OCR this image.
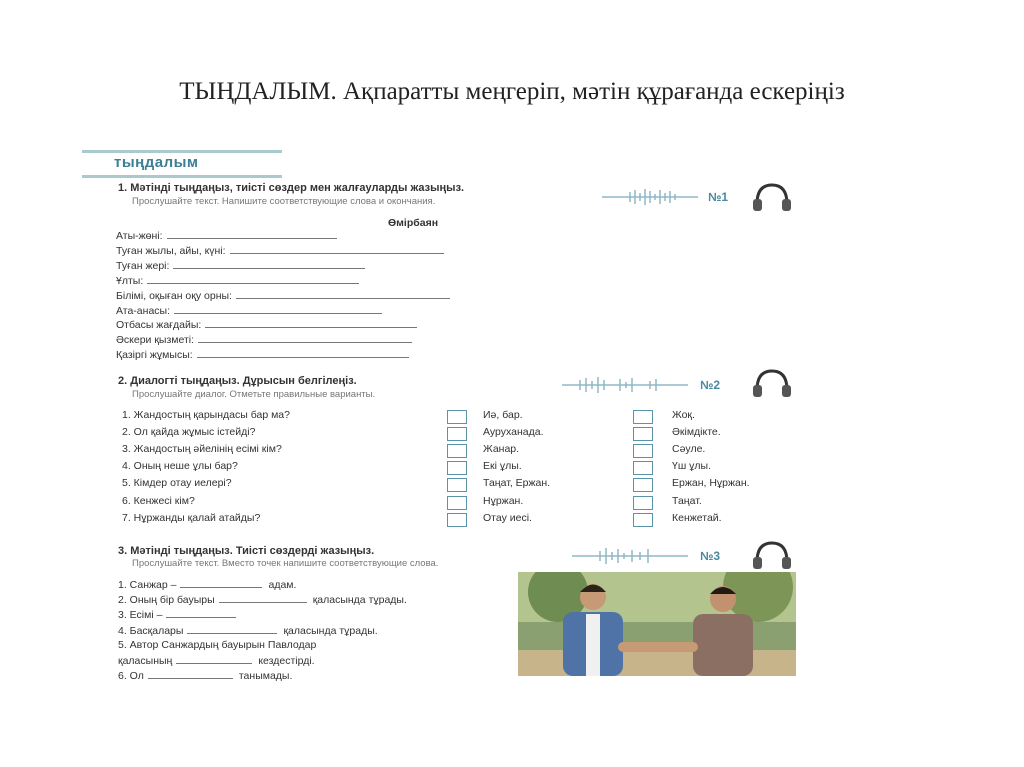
ТЫҢДАЛЫМ. Ақпаратты меңгеріп, мәтін құрағанда ескеріңіз
тыңдалым
1. Мәтінді тыңдаңыз, тиісті сөздер мен жалғауларды жазыңыз.
Прослушайте текст. Напишите соответствующие слова и окончания.	№1
Өмірбаян
Аты-жөні:
Туған жылы, айы, күні:
Туған жері:
Ұлты:
Білімі, оқыған оқу орны:
Ата-анасы:
Отбасы жағдайы:
Әскери қызметі:
Қазіргі жұмысы:
2. Диалогті тыңдаңыз. Дұрысын белгілеңіз.
Прослушайте диалог. Отметьте правильные варианты.
№2
1. Жандостың қарындасы бар ма?	Иә, бар.	Жоқ.
2. Ол қайда жұмыс істейді?	Ауруханада.	Әкімдікте.
3. Жандостың әйелінің есімі кім?	Жанар.	Сәуле.
4. Оның неше ұлы бар?	Екі ұлы.	Үш ұлы.
5. Кімдер отау иелері?	Таңат, Ержан.	Ержан, Нұржан.
6. Кенжесі кім?	Нұржан.	Таңат.
7. Нұржанды қалай атайды?	Отау иесі.	Кенжетай.
3. Мәтінді тыңдаңыз. Тиісті сөздерді жазыңыз.
Прослушайте текст. Вместо точек напишите соответствующие слова.
№3
1. Санжар –	адам.
2. Оның бір бауыры	қаласында тұрады.
3. Есімі –
4. Басқалары	қаласында тұрады.
5. Автор Санжардың бауырын Павлодар
қаласының	кездестірді.
6. Ол	танымады.
